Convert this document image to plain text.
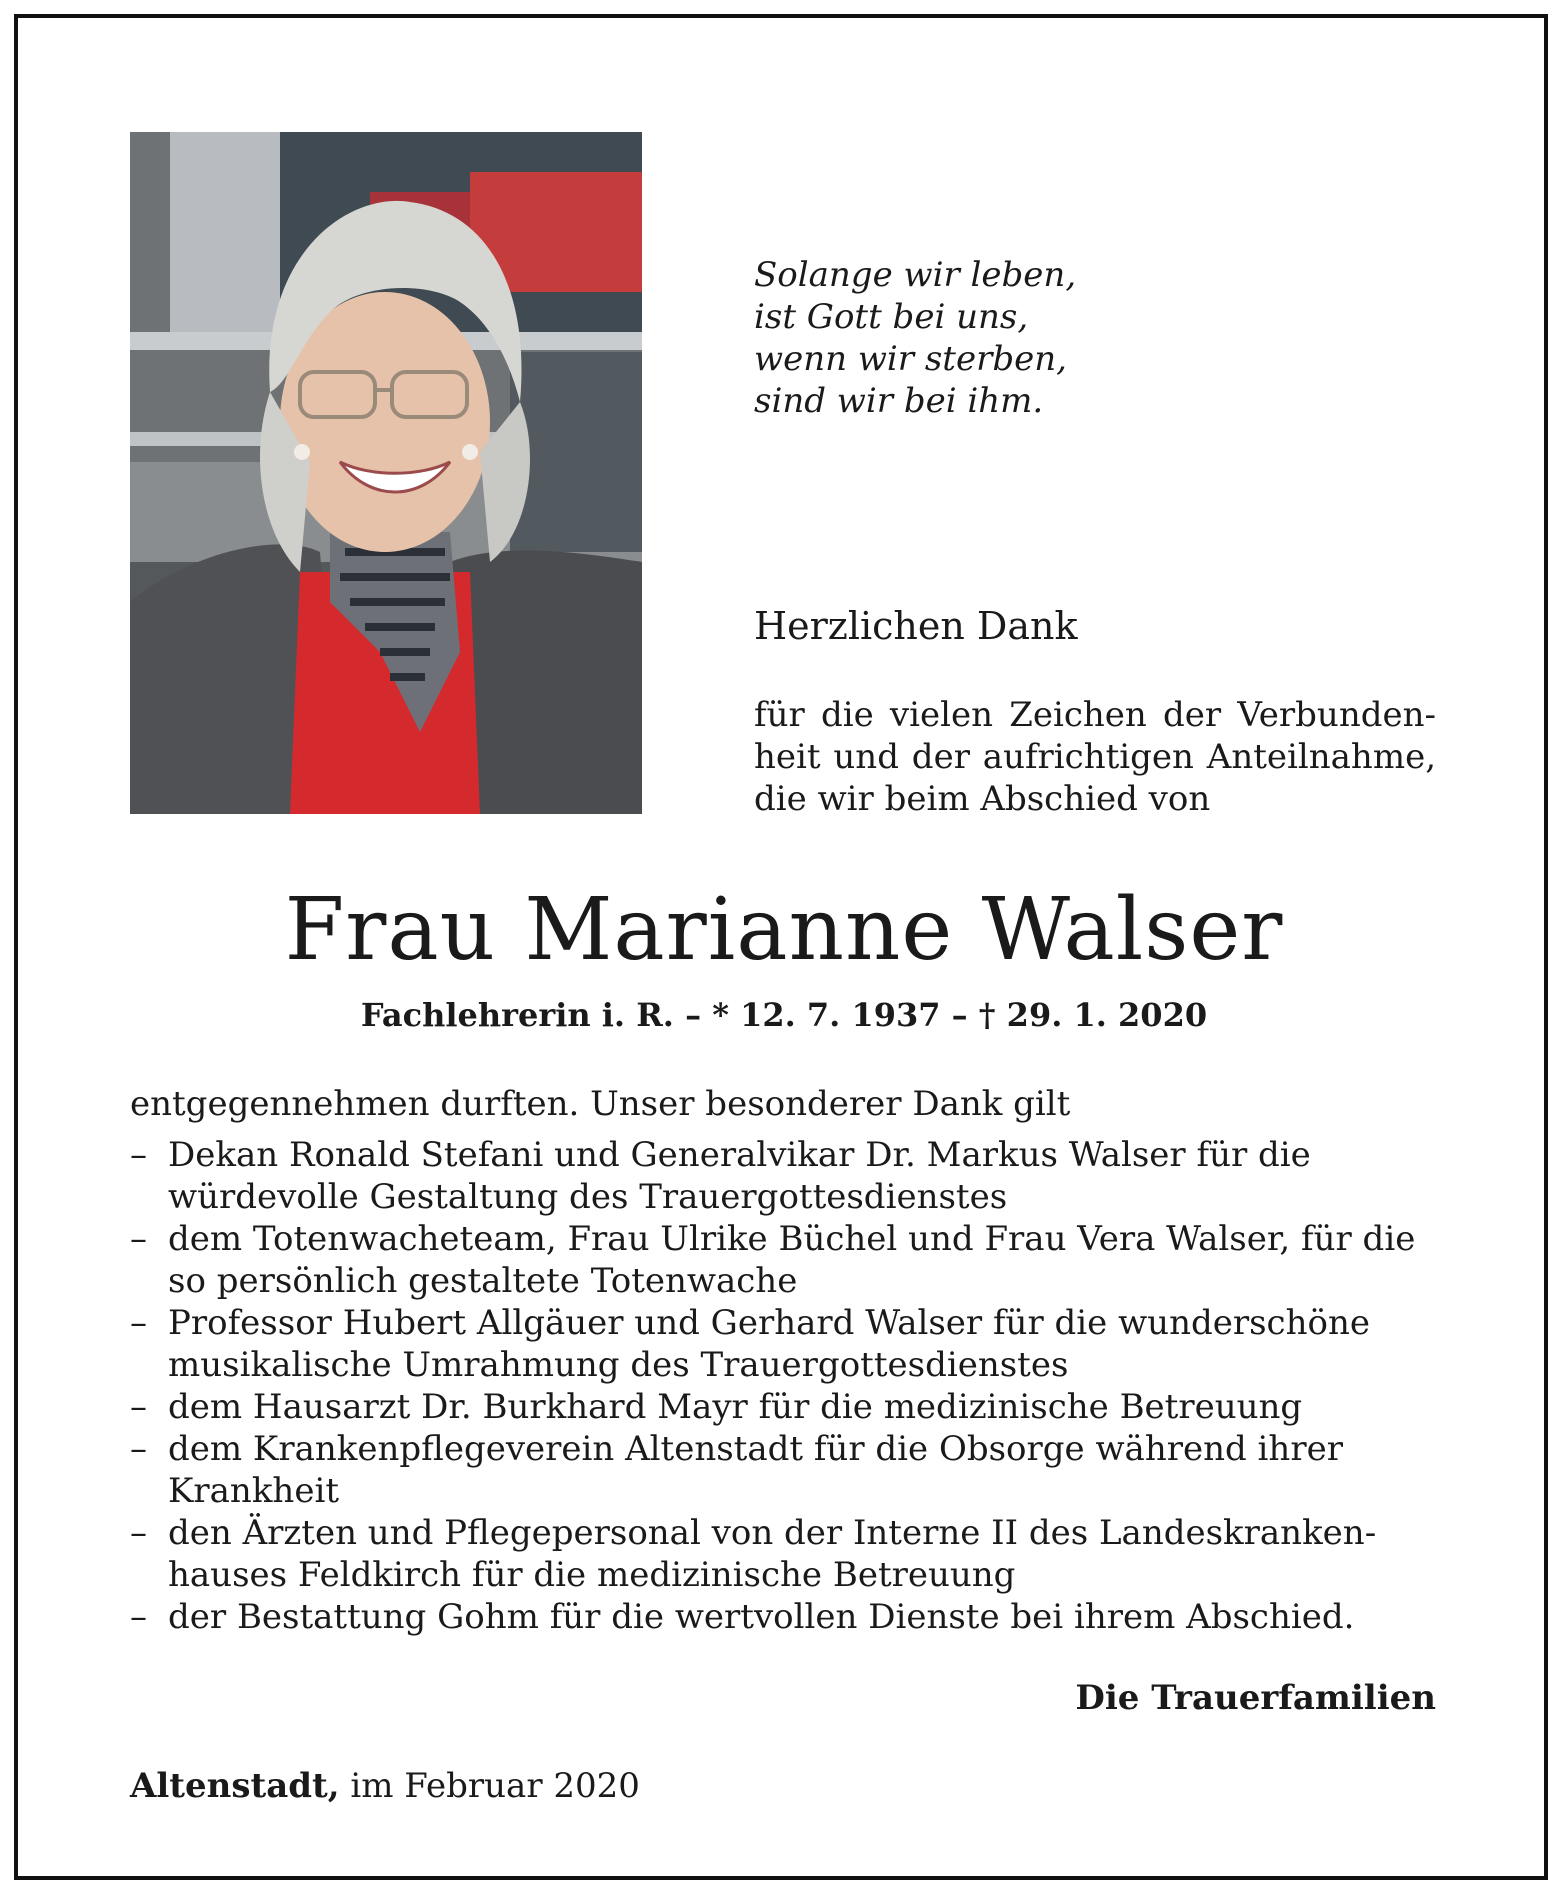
Solange wir leben,
ist Gott bei uns,
wenn wir sterben,
sind wir bei ihm.
Herzlichen Dank
für die vielen Zeichen der Verbunden-
heit und der aufrichtigen Anteilnahme,
die wir beim Abschied von
Frau Marianne Walser
Fachlehrerin i. R. – * 12. 7. 1937 – † 29. 1. 2020
entgegennehmen durften. Unser besonderer Dank gilt
– Dekan Ronald Stefani und Generalvikar Dr. Markus Walser für die würdevolle Gestaltung des Trauergottesdienstes
– dem Totenwacheteam, Frau Ulrike Büchel und Frau Vera Walser, für die so persönlich gestaltete Totenwache
– Professor Hubert Allgäuer und Gerhard Walser für die wunderschöne musikalische Umrahmung des Trauergottesdienstes
– dem Hausarzt Dr. Burkhard Mayr für die medizinische Betreuung
– dem Krankenpflegeverein Altenstadt für die Obsorge während ihrer Krankheit
– den Ärzten und Pflegepersonal von der Interne II des Landeskrankenhauses Feldkirch für die medizinische Betreuung
– der Bestattung Gohm für die wertvollen Dienste bei ihrem Abschied.
Die Trauerfamilien
Altenstadt, im Februar 2020
